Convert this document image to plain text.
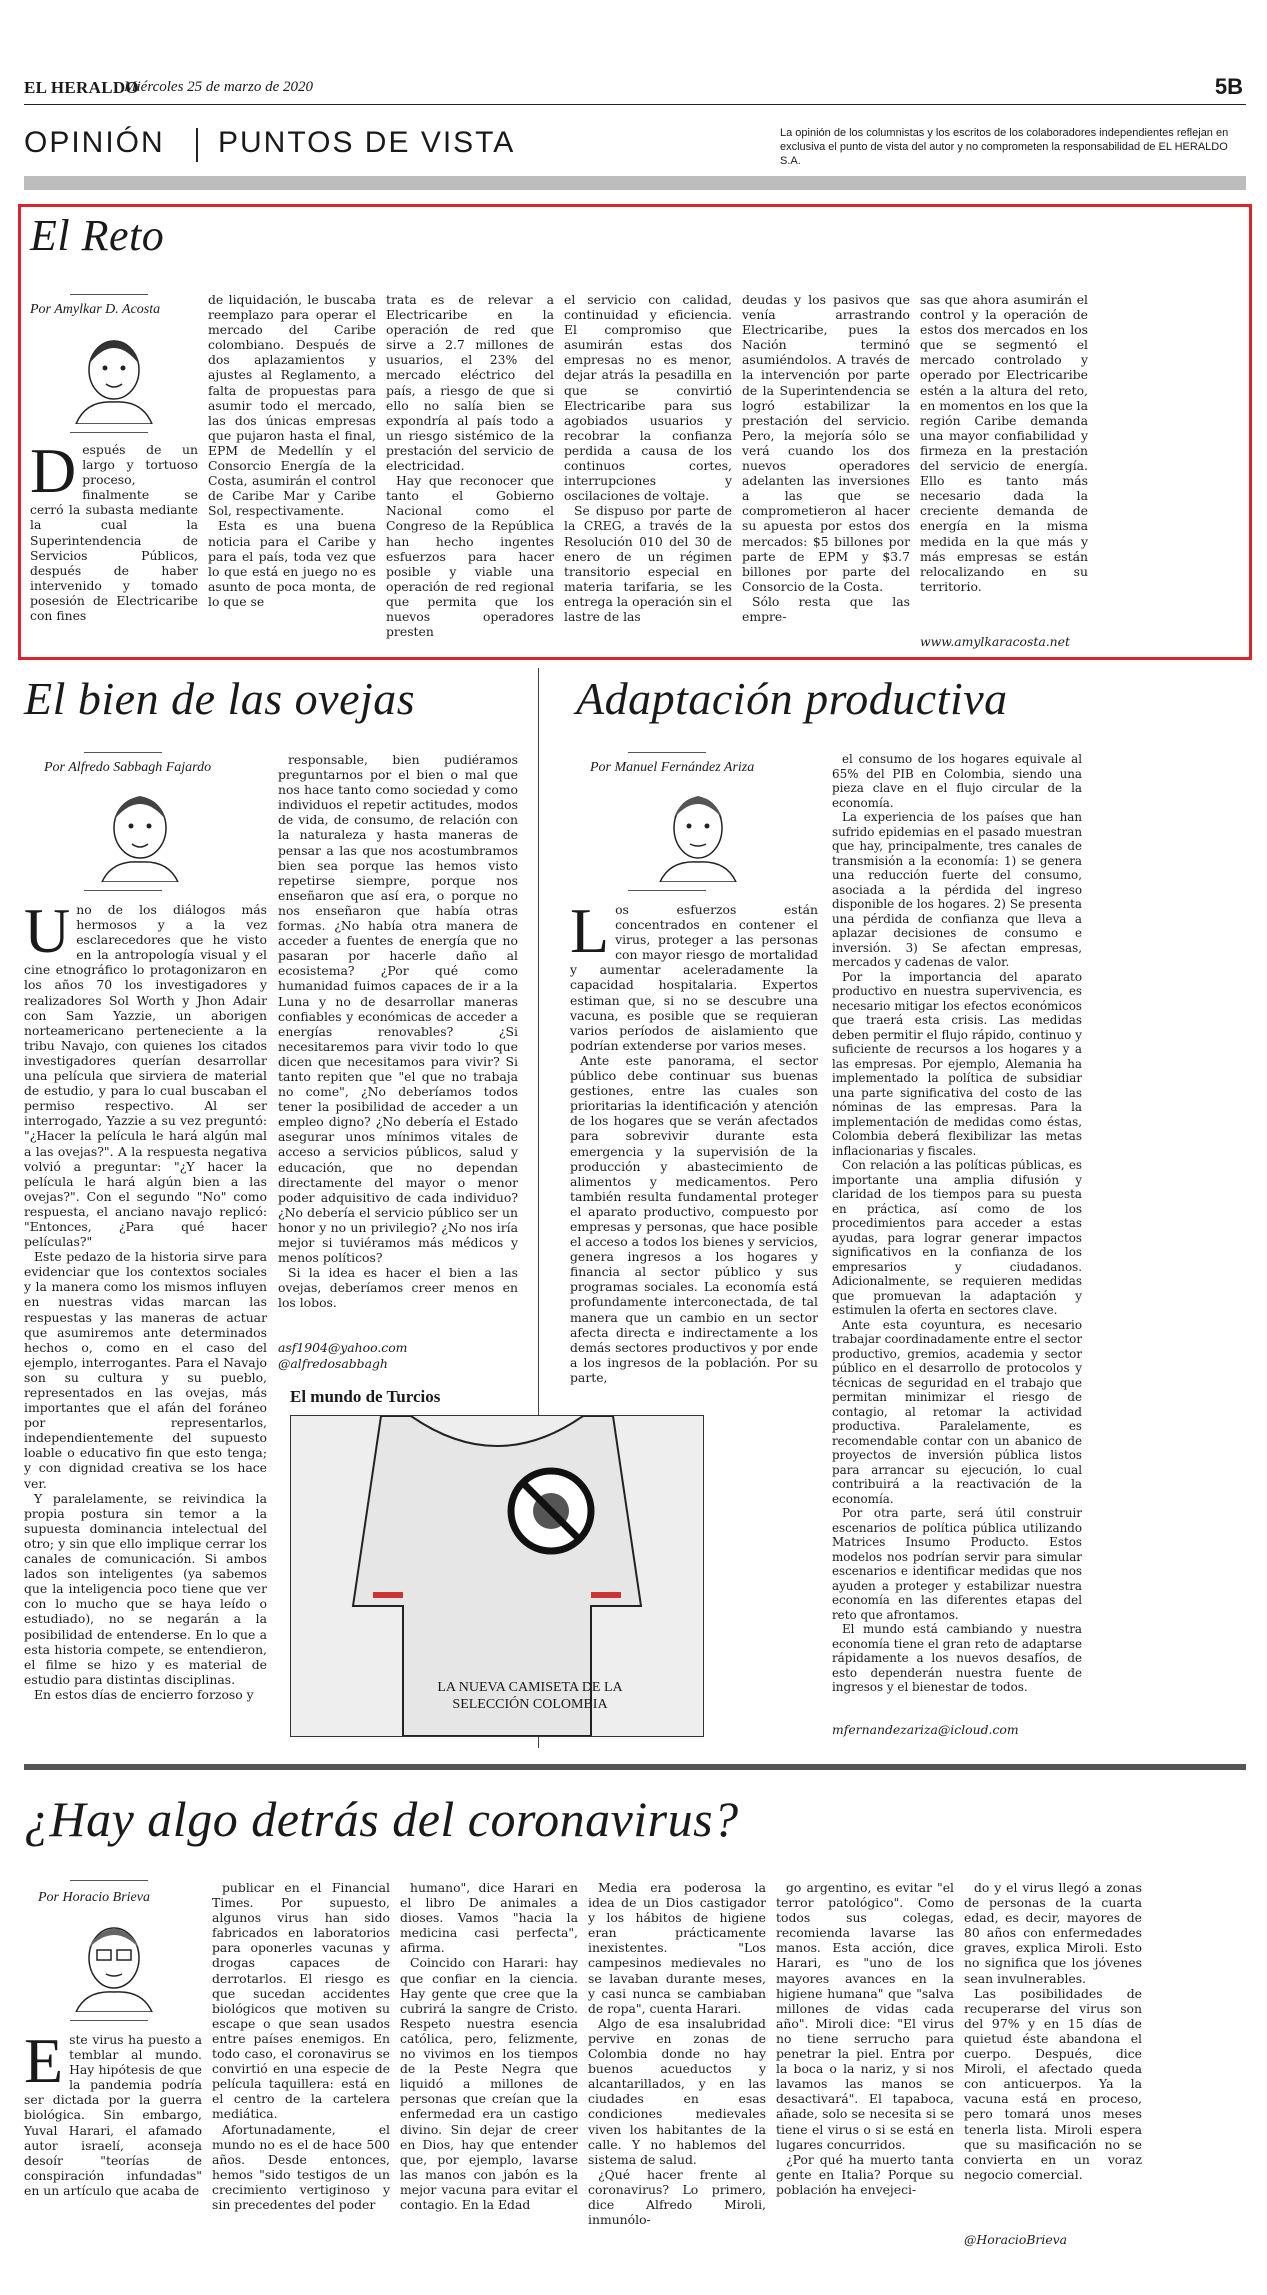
EL HERALDO
Miércoles 25 de marzo de 2020	5B
OPINIÓN PUNTOS DE VISTA	La opinión de los columnistas y los escritos de los colaboradores independientes reflejan en exclusiva el punto de vista del autor y no comprometen la responsabilidad de EL HERALDO S.A.
El Reto
Por Amylkar D. Acosta

Después de un largo y tortuoso proceso, finalmente se cerró la subasta mediante la cual la Superintendencia de Servicios Públicos, después de haber intervenido y tomado posesión de Electricaribe con fines

de liquidación, le buscaba reemplazo para operar el mercado del Caribe colombiano. Después de dos aplazamientos y ajustes al Reglamento, a falta de propuestas para asumir todo el mercado, las dos únicas empresas que pujaron hasta el final, EPM de Medellín y el Consorcio Energía de la Costa, asumirán el control de Caribe Mar y Caribe Sol, respectivamente.

Esta es una buena noticia para el Caribe y para el país, toda vez que lo que está en juego no es asunto de poca monta, de lo que se

trata es de relevar a Electricaribe en la operación de red que sirve a 2.7 millones de usuarios, el 23% del mercado eléctrico del país, a riesgo de que si ello no salía bien se expondría al país todo a un riesgo sistémico de la prestación del servicio de electricidad.

Hay que reconocer que tanto el Gobierno Nacional como el Congreso de la República han hecho ingentes esfuerzos para hacer posible y viable una operación de red regional que permita que los nuevos operadores presten

el servicio con calidad, continuidad y eficiencia. El compromiso que asumirán estas dos empresas no es menor, dejar atrás la pesadilla en que se convirtió Electricaribe para sus agobiados usuarios y recobrar la confianza perdida a causa de los continuos cortes, interrupciones y oscilaciones de voltaje.

Se dispuso por parte de la CREG, a través de la Resolución 010 del 30 de enero de un régimen transitorio especial en materia tarifaria, se les entrega la operación sin el lastre de las

deudas y los pasivos que venía arrastrando Electricaribe, pues la Nación terminó asumiéndolos. A través de la intervención por parte de la Superintendencia se logró estabilizar la prestación del servicio. Pero, la mejoría sólo se verá cuando los dos nuevos operadores adelanten las inversiones a las que se comprometieron al hacer su apuesta por estos dos mercados: $5 billones por parte de EPM y $3.7 billones por parte del Consorcio de la Costa.

Sólo resta que las empre-

sas que ahora asumirán el control y la operación de estos dos mercados en los que se segmentó el mercado controlado y operado por Electricaribe estén a la altura del reto, en momentos en los que la región Caribe demanda una mayor confiabilidad y firmeza en la prestación del servicio de energía. Ello es tanto más necesario dada la creciente demanda de energía en la misma medida en la que más y más empresas se están relocalizando en su territorio.

www.amylkaracosta.net
El bien de las ovejas
Por Alfredo Sabbagh Fajardo

Uno de los diálogos más hermosos y a la vez esclarecedores que he visto en la antropología visual y el cine etnográfico lo protagonizaron en los años 70 los investigadores y realizadores Sol Worth y Jhon Adair con Sam Yazzie, un aborigen norteamericano perteneciente a la tribu Navajo, con quienes los citados investigadores querían desarrollar una película que sirviera de material de estudio, y para lo cual buscaban el permiso respectivo. Al ser interrogado, Yazzie a su vez preguntó: "¿Hacer la película le hará algún mal a las ovejas?". A la respuesta negativa volvió a preguntar: "¿Y hacer la película le hará algún bien a las ovejas?". Con el segundo "No" como respuesta, el anciano navajo replicó: "Entonces, ¿Para qué hacer películas?"

Este pedazo de la historia sirve para evidenciar que los contextos sociales y la manera como los mismos influyen en nuestras vidas marcan las respuestas y las maneras de actuar que asumiremos ante determinados hechos o, como en el caso del ejemplo, interrogantes. Para el Navajo son su cultura y su pueblo, representados en las ovejas, más importantes que el afán del foráneo por representarlos, independientemente del supuesto loable o educativo fin que esto tenga; y con dignidad creativa se los hace ver.

Y paralelamente, se reivindica la propia postura sin temor a la supuesta dominancia intelectual del otro; y sin que ello implique cerrar los canales de comunicación. Si ambos lados son inteligentes (ya sabemos que la inteligencia poco tiene que ver con lo mucho que se haya leído o estudiado), no se negarán a la posibilidad de entenderse. En lo que a esta historia compete, se entendieron, el filme se hizo y es material de estudio para distintas disciplinas.

En estos días de encierro forzoso y

responsable, bien pudiéramos preguntarnos por el bien o mal que nos hace tanto como sociedad y como individuos el repetir actitudes, modos de vida, de consumo, de relación con la naturaleza y hasta maneras de pensar a las que nos acostumbramos bien sea porque las hemos visto repetirse siempre, porque nos enseñaron que así era, o porque no nos enseñaron que había otras formas. ¿No había otra manera de acceder a fuentes de energía que no pasaran por hacerle daño al ecosistema? ¿Por qué como humanidad fuimos capaces de ir a la Luna y no de desarrollar maneras confiables y económicas de acceder a energías renovables? ¿Si necesitaremos para vivir todo lo que dicen que necesitamos para vivir? Si tanto repiten que "el que no trabaja no come", ¿No deberíamos todos tener la posibilidad de acceder a un empleo digno? ¿No debería el Estado asegurar unos mínimos vitales de acceso a servicios públicos, salud y educación, que no dependan directamente del mayor o menor poder adquisitivo de cada individuo? ¿No debería el servicio público ser un honor y no un privilegio? ¿No nos iría mejor si tuviéramos más médicos y menos políticos?

Si la idea es hacer el bien a las ovejas, deberíamos creer menos en los lobos.

asf1904@yahoo.com
@alfredosabbagh
El mundo de Turcios
LA NUEVA CAMISETA DE LA SELECCIÓN COLOMBIA
Adaptación productiva
Por Manuel Fernández Ariza

Los esfuerzos están concentrados en contener el virus, proteger a las personas con mayor riesgo de mortalidad y aumentar aceleradamente la capacidad hospitalaria. Expertos estiman que, si no se descubre una vacuna, es posible que se requieran varios períodos de aislamiento que podrían extenderse por varios meses.

Ante este panorama, el sector público debe continuar sus buenas gestiones, entre las cuales son prioritarias la identificación y atención de los hogares que se verán afectados para sobrevivir durante esta emergencia y la supervisión de la producción y abastecimiento de alimentos y medicamentos. Pero también resulta fundamental proteger el aparato productivo, compuesto por empresas y personas, que hace posible el acceso a todos los bienes y servicios, genera ingresos a los hogares y financia al sector público y sus programas sociales. La economía está profundamente interconectada, de tal manera que un cambio en un sector afecta directa e indirectamente a los demás sectores productivos y por ende a los ingresos de la población. Por su parte,

el consumo de los hogares equivale al 65% del PIB en Colombia, siendo una pieza clave en el flujo circular de la economía.

La experiencia de los países que han sufrido epidemias en el pasado muestran que hay, principalmente, tres canales de transmisión a la economía: 1) se genera una reducción fuerte del consumo, asociada a la pérdida del ingreso disponible de los hogares. 2) Se presenta una pérdida de confianza que lleva a aplazar decisiones de consumo e inversión. 3) Se afectan empresas, mercados y cadenas de valor.

Por la importancia del aparato productivo en nuestra supervivencia, es necesario mitigar los efectos económicos que traerá esta crisis. Las medidas deben permitir el flujo rápido, continuo y suficiente de recursos a los hogares y a las empresas. Por ejemplo, Alemania ha implementado la política de subsidiar una parte significativa del costo de las nóminas de las empresas. Para la implementación de medidas como éstas, Colombia deberá flexibilizar las metas inflacionarias y fiscales.

Con relación a las políticas públicas, es importante una amplia difusión y claridad de los tiempos para su puesta en práctica, así como de los procedimientos para acceder a estas ayudas, para lograr generar impactos significativos en la confianza de los empresarios y ciudadanos. Adicionalmente, se requieren medidas que promuevan la adaptación y estimulen la oferta en sectores clave.

Ante esta coyuntura, es necesario trabajar coordinadamente entre el sector productivo, gremios, academia y sector público en el desarrollo de protocolos y técnicas de seguridad en el trabajo que permitan minimizar el riesgo de contagio, al retomar la actividad productiva. Paralelamente, es recomendable contar con un abanico de proyectos de inversión pública listos para arrancar su ejecución, lo cual contribuirá a la reactivación de la economía.

Por otra parte, será útil construir escenarios de política pública utilizando Matrices Insumo Producto. Estos modelos nos podrían servir para simular escenarios e identificar medidas que nos ayuden a proteger y estabilizar nuestra economía en las diferentes etapas del reto que afrontamos.

El mundo está cambiando y nuestra economía tiene el gran reto de adaptarse rápidamente a los nuevos desafíos, de esto dependerán nuestra fuente de ingresos y el bienestar de todos.

mfernandezariza@icloud.com
¿Hay algo detrás del coronavirus?
Por Horacio Brieva

Este virus ha puesto a temblar al mundo. Hay hipótesis de que la pandemia podría ser dictada por la guerra biológica. Sin embargo, Yuval Harari, el afamado autor israelí, aconseja desoír "teorías de conspiración infundadas" en un artículo que acaba de

publicar en el Financial Times. Por supuesto, algunos virus han sido fabricados en laboratorios para oponerles vacunas y drogas capaces de derrotarlos. El riesgo es que sucedan accidentes biológicos que motiven su escape o que sean usados entre países enemigos. En todo caso, el coronavirus se convirtió en una especie de película taquillera: está en el centro de la cartelera mediática.

Afortunadamente, el mundo no es el de hace 500 años. Desde entonces, hemos "sido testigos de un crecimiento vertiginoso y sin precedentes del poder

humano", dice Harari en el libro De animales a dioses. Vamos "hacia la medicina casi perfecta", afirma.

Coincido con Harari: hay que confiar en la ciencia. Hay gente que cree que la cubrirá la sangre de Cristo. Respeto nuestra esencia católica, pero, felizmente, no vivimos en los tiempos de la Peste Negra que liquidó a millones de personas que creían que la enfermedad era un castigo divino. Sin dejar de creer en Dios, hay que entender que, por ejemplo, lavarse las manos con jabón es la mejor vacuna para evitar el contagio. En la Edad

Media era poderosa la idea de un Dios castigador y los hábitos de higiene eran prácticamente inexistentes. "Los campesinos medievales no se lavaban durante meses, y casi nunca se cambiaban de ropa", cuenta Harari.

Algo de esa insalubridad pervive en zonas de Colombia donde no hay buenos acueductos y alcantarillados, y en las ciudades en esas condiciones medievales viven los habitantes de la calle. Y no hablemos del sistema de salud.

¿Qué hacer frente al coronavirus? Lo primero, dice Alfredo Miroli, inmunólo-

go argentino, es evitar "el terror patológico". Como todos sus colegas, recomienda lavarse las manos. Esta acción, dice Harari, es "uno de los mayores avances en la higiene humana" que "salva millones de vidas cada año". Miroli dice: "El virus no tiene serrucho para penetrar la piel. Entra por la boca o la nariz, y si nos lavamos las manos se desactivará". El tapaboca, añade, solo se necesita si se tiene el virus o si se está en lugares concurridos.

¿Por qué ha muerto tanta gente en Italia? Porque su población ha envejeci-

do y el virus llegó a zonas de personas de la cuarta edad, es decir, mayores de 80 años con enfermedades graves, explica Miroli. Esto no significa que los jóvenes sean invulnerables.

Las posibilidades de recuperarse del virus son del 97% y en 15 días de quietud éste abandona el cuerpo. Después, dice Miroli, el afectado queda con anticuerpos. Ya la vacuna está en proceso, pero tomará unos meses tenerla lista. Miroli espera que su masificación no se convierta en un voraz negocio comercial.

@HoracioBrieva
